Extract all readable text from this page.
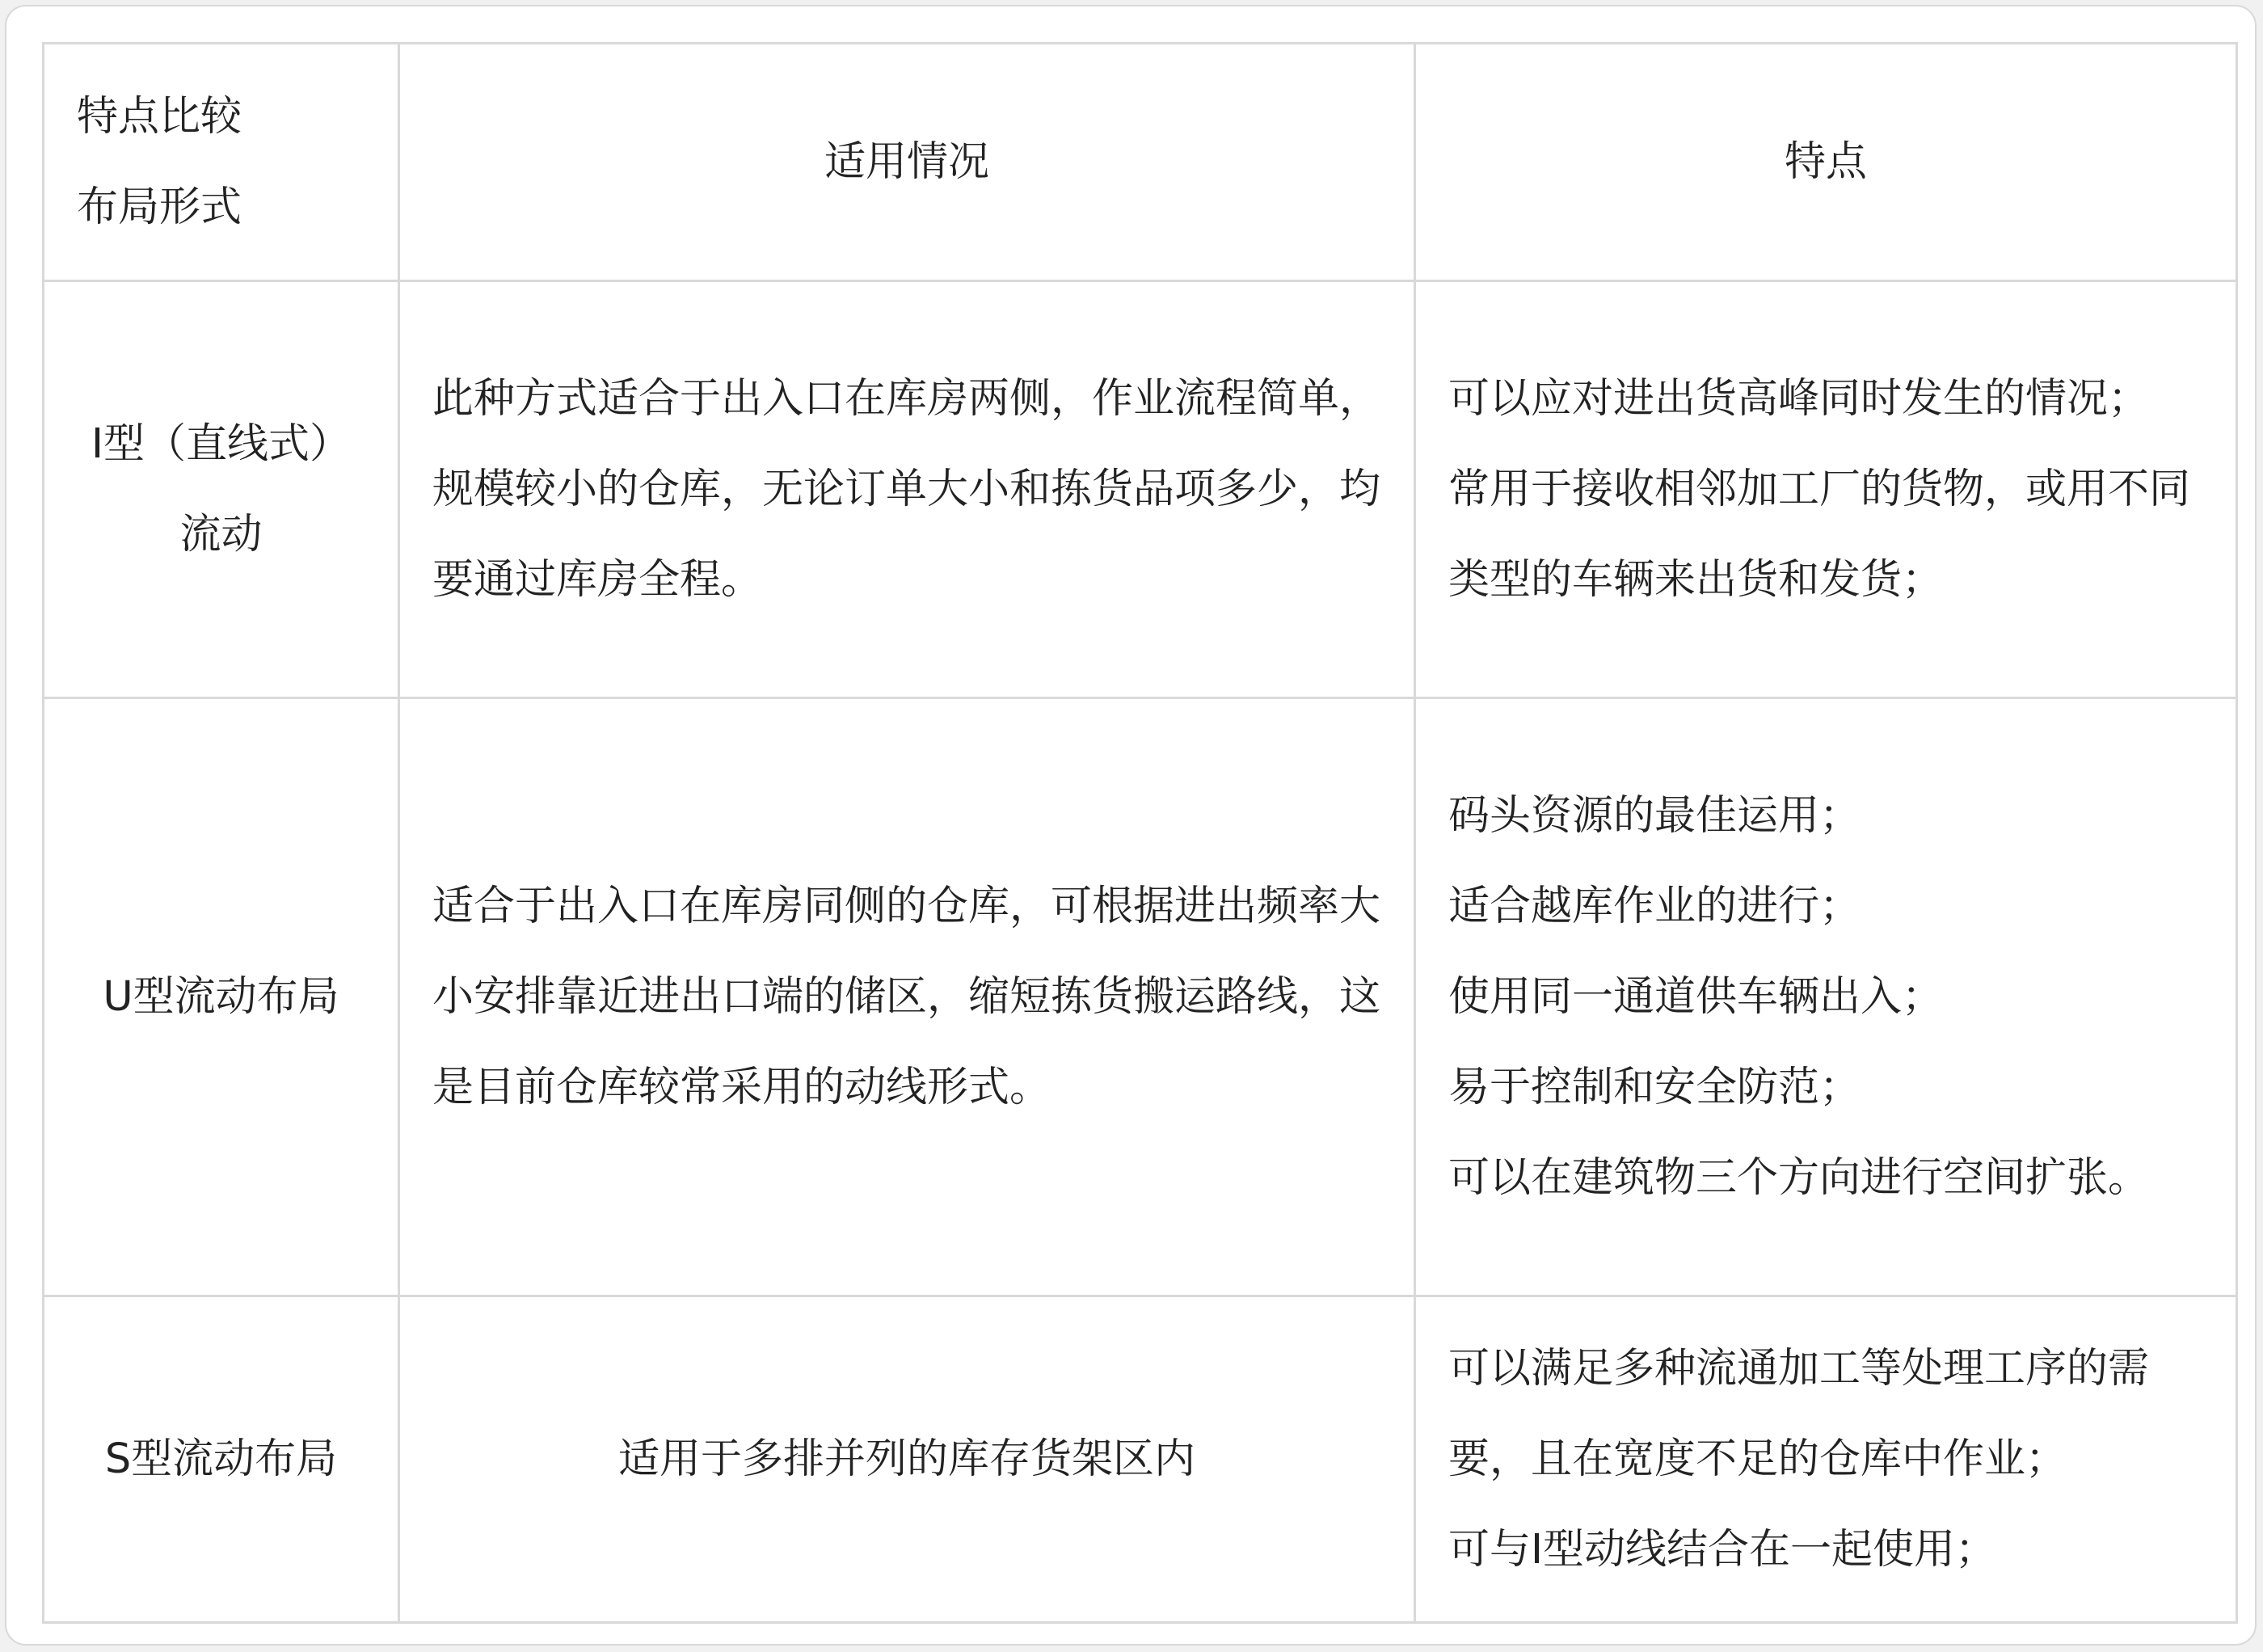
特点比较
布局形式	适用情况	特点

I型（直线式）
流动	此种方式适合于出入口在库房两侧，作业流程简单，规模较小的仓库，无论订单大小和拣货品项多少，均要通过库房全程。	可以应对进出货高峰同时发生的情况；
常用于接收相邻加工厂的货物，或用不同类型的车辆来出货和发货；

U型流动布局	适合于出入口在库房同侧的仓库，可根据进出频率大小安排靠近进出口端的储区，缩短拣货搬运路线，这是目前仓库较常采用的动线形式。	码头资源的最佳运用；
适合越库作业的进行；
使用同一通道供车辆出入；
易于控制和安全防范；
可以在建筑物三个方向进行空间扩张。

S型流动布局	适用于多排并列的库存货架区内	可以满足多种流通加工等处理工序的需要，且在宽度不足的仓库中作业；
可与I型动线结合在一起使用；
